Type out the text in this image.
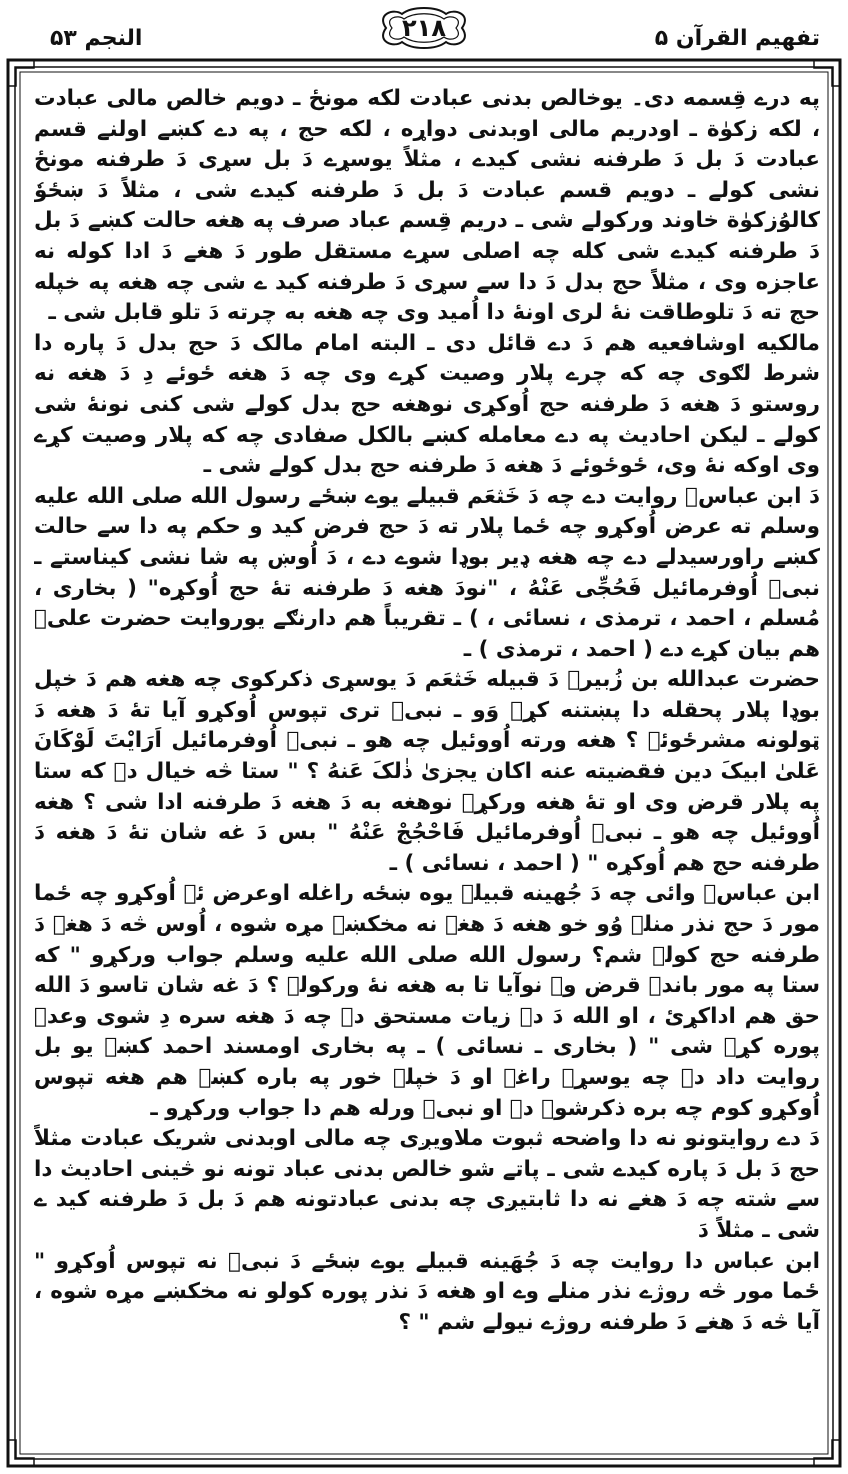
تفهیم القرآن ۵
۲۱۸
النجم ۵۳

په درے قِسمه دی۔ یوخالص بدنی عبادت لکه مونځ ـ دویم خالص مالی عبادت ، لکه زکوٰة ـ اودریم مالی اوبدنی دواړه ، لکه حج ، په دے کښے اولنے قسم عبادت دَ بل دَ طرفنه نشی کیدے ، مثلاً یوسړے دَ بل سړی دَ طرفنه مونځ نشی کولے ـ دویم قسم عبادت دَ بل دَ طرفنه کیدے شی ، مثلاً دَ ښځوٗ کالوُزکوٰة خاوند ورکولے شی ـ دریم قِسم عباد صرف په هغه حالت کښے دَ بل دَ طرفنه کیدے شی کله چه اصلی سړے مستقل طور دَ هغے دَ ادا کوله نه عاجزه وی ، مثلاً حج بدل دَ دا سے سړی دَ طرفنه کید ے شی چه هغه په خپله حج ته دَ تلوطاقت نهٔ لری اونهٔ دا اُمید وی چه هغه به چرته دَ تلو قابل شی ـ

مالکیه اوشافعیه هم دَ دے قائل دی ـ البته امام مالک دَ حج بدل دَ پاره دا شرط لګوی چه که چرے پلار وصیت کړے وی چه دَ هغه ځوئے دِ دَ هغه نه روستو دَ هغه دَ طرفنه حج اُوکړی نوهغه حج بدل کولے شی کنی نونهٔ شی کولے ـ لیکن احادیث په دے معامله کښے بالکل صفادی چه که پلار وصیت کړے وی اوکه نهٔ وی، ځوځوئے دَ هغه دَ طرفنه حج بدل کولے شی ـ

دَ ابن عباسؓ روایت دے چه دَ خَثعَم قبیلے یوے ښځے رسول الله صلی الله علیه وسلم ته عرض اُوکړو چه ځما پلار ته دَ حج فرض کید و حکم په دا سے حالت کښے راورسیدلے دے چه هغه ډیر بوډا شوے دے ، دَ اُوښ په شا نشی کیناستے ـ نبیؐ اُوفرمائیل فَحُجِّی عَنْهُ ، "نودَ هغه دَ طرفنه تهٔ حج اُوکړه" ( بخاری ، مُسلم ، احمد ، ترمذی ، نسائی ، ) ـ تقریباً هم دارنګے یوروایت حضرت علیؓ هم بیان کړے دے ( احمد ، ترمذی ) ـ

حضرت عبدالله بن زُبیرؓ دَ قبیله خَثعَم دَ یوسړی ذکرکوی چه هغه هم دَ خپل بوډا پلار پحقله دا پښتنه کړے وَو ـ نبیؐ تری تپوس اُوکړو آیا تهٔ دَ هغه دَ ټولونه مشرځوئے ؟ هغه ورته اُووئیل چه هو ـ نبیؐ اُوفرمائیل اَرَایْتَ لَوْکَانَ عَلیٰ ابیکَ دین فقضیته عنه اکان یجزیٰ ذٰلکَ عَنهُ ؟ " ستا څه خیال دے که ستا په پلار قرض وی او تهٔ هغه ورکړے نوهغه به دَ هغه دَ طرفنه ادا شی ؟ هغه اُووئیل چه هو ـ نبیؐ اُوفرمائیل فَاحْجُجْ عَنْهُ " بس دَ غه شان تهٔ دَ هغه دَ طرفنه حج هم اُوکړه " ( احمد ، نسائی ) ـ

ابن عباسؓ وائی چه دَ جُهینه قبیلے یوه ښځه راغله اوعرض ئے اُوکړو چه ځما مور دَ حج نذر منلے وُو خو هغه دَ هغے نه مخکښے مړه شوه ، اُوس څه دَ هغے دَ طرفنه حج کولے شم؟ رسول الله صلی الله علیه وسلم جواب ورکړو " که ستا په مور باندے قرض وے نوآیا تا به هغه نهٔ ورکولے ؟ دَ غه شان تاسو دَ الله حق هم اداکړئ ، او الله دَ دے زیات مستحق دے چه دَ هغه سره دِ شوی وعدے پوره کړے شی " ( بخاری ـ نسائی ) ـ په بخاری اومسند احمد کښے یو بل روایت داد دے چه یوسړے راغے او دَ خپلے خور په باره کښے هم هغه تپوس اُوکړو کوم چه بره ذکرشوے دے او نبیؐ ورله هم دا جواب ورکړو ـ

دَ دے روایتونو نه دا واضحه ثبوت ملاویږی چه مالی اوبدنی شریک عبادت مثلاً حج دَ بل دَ پاره کیدے شی ـ پاتے شو خالص بدنی عباد تونه نو څینی احادیث دا سے شته چه دَ هغے نه دا ثابتیږی چه بدنی عبادتونه هم دَ بل دَ طرفنه کید ے شی ـ مثلاً دَ

ابن عباس دا روایت چه دَ جُهَینه قبیلے یوے ښځے دَ نبیؐ نه تپوس اُوکړو " ځما مور څه روژے نذر منلے وے او هغه دَ نذر پوره کولو نه مخکښے مړه شوه ، آیا څه دَ هغے دَ طرفنه روژے نیولے شم " ؟
